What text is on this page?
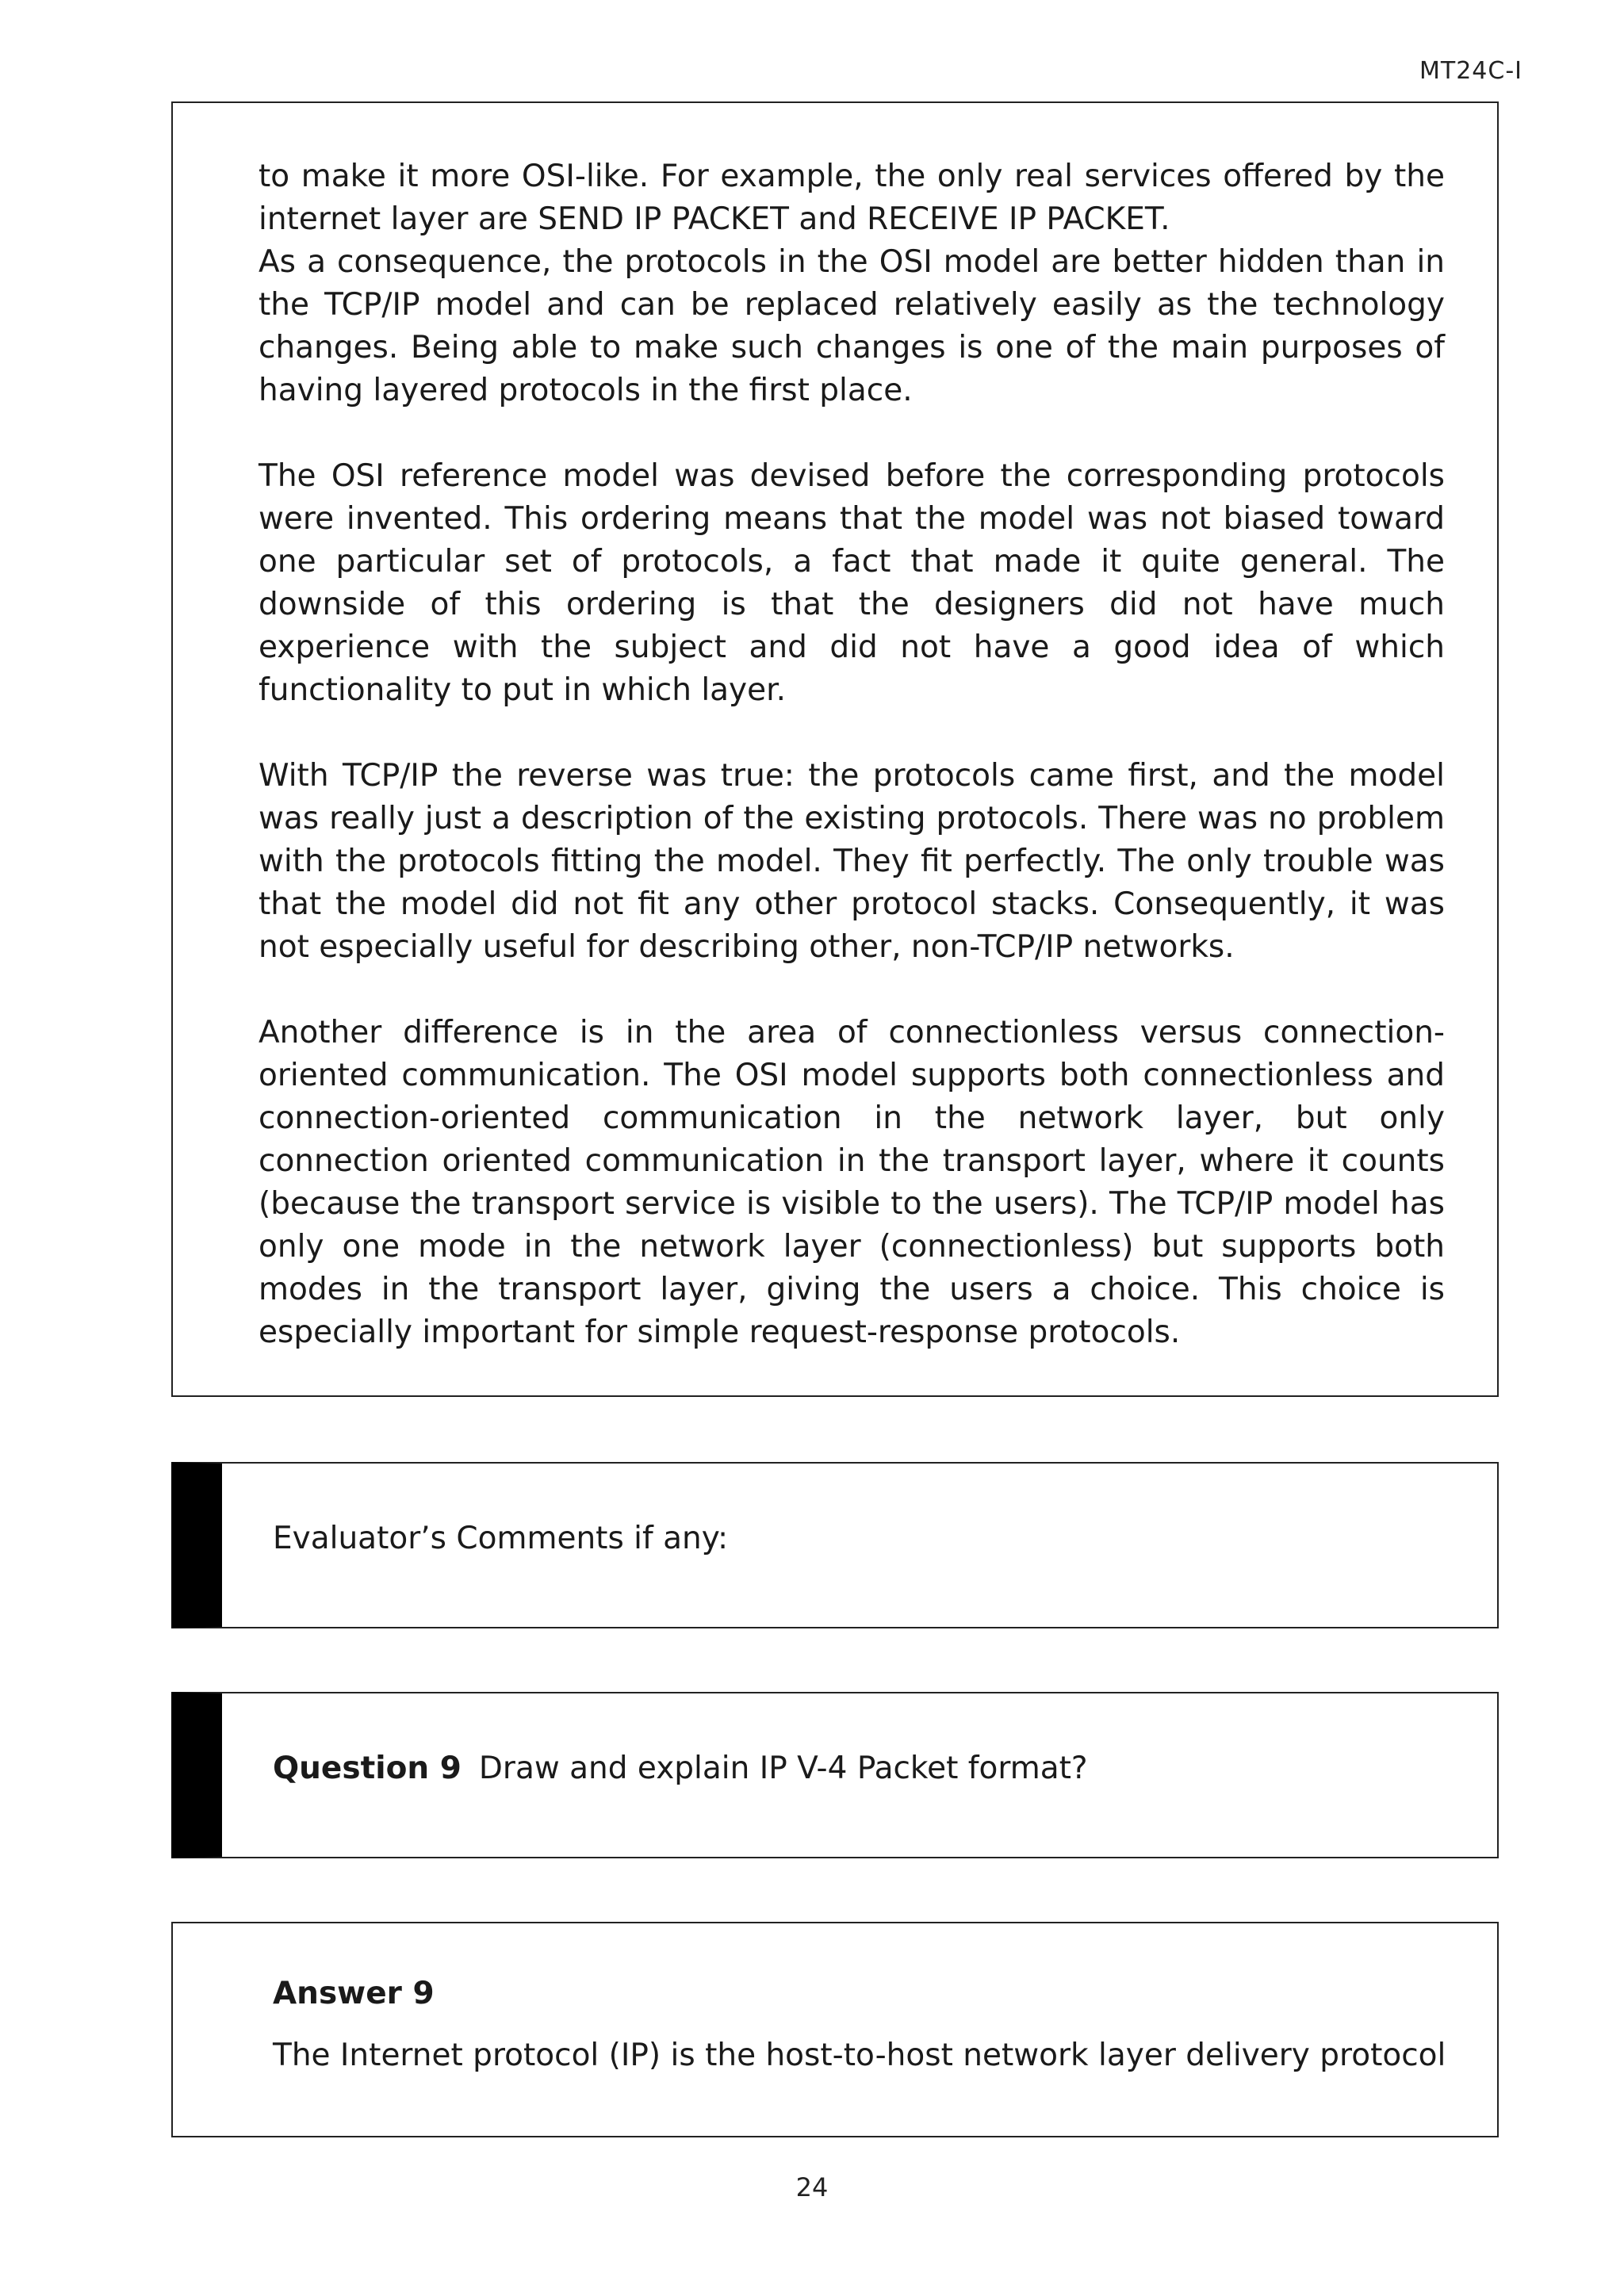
MT24C-I

to make it more OSI-like. For example, the only real services offered by the internet layer are SEND IP PACKET and RECEIVE IP PACKET.

As a consequence, the protocols in the OSI model are better hidden than in the TCP/IP model and can be replaced relatively easily as the technology changes. Being able to make such changes is one of the main purposes of having layered protocols in the first place.

The OSI reference model was devised before the corresponding protocols were invented. This ordering means that the model was not biased toward one particular set of protocols, a fact that made it quite general. The downside of this ordering is that the designers did not have much experience with the subject and did not have a good idea of which functionality to put in which layer.

With TCP/IP the reverse was true: the protocols came first, and the model was really just a description of the existing protocols. There was no problem with the protocols fitting the model. They fit perfectly. The only trouble was that the model did not fit any other protocol stacks. Consequently, it was not especially useful for describing other, non-TCP/IP networks.

Another difference is in the area of connectionless versus connection-oriented communication. The OSI model supports both connectionless and connection-oriented communication in the network layer, but only connection oriented communication in the transport layer, where it counts (because the transport service is visible to the users). The TCP/IP model has only one mode in the network layer (connectionless) but supports both modes in the transport layer, giving the users a choice. This choice is especially important for simple request-response protocols.

Evaluator’s Comments if any:
Question 9 Draw and explain IP V-4 Packet format?
Answer 9
The Internet protocol (IP) is the host-to-host network layer delivery protocol
24
